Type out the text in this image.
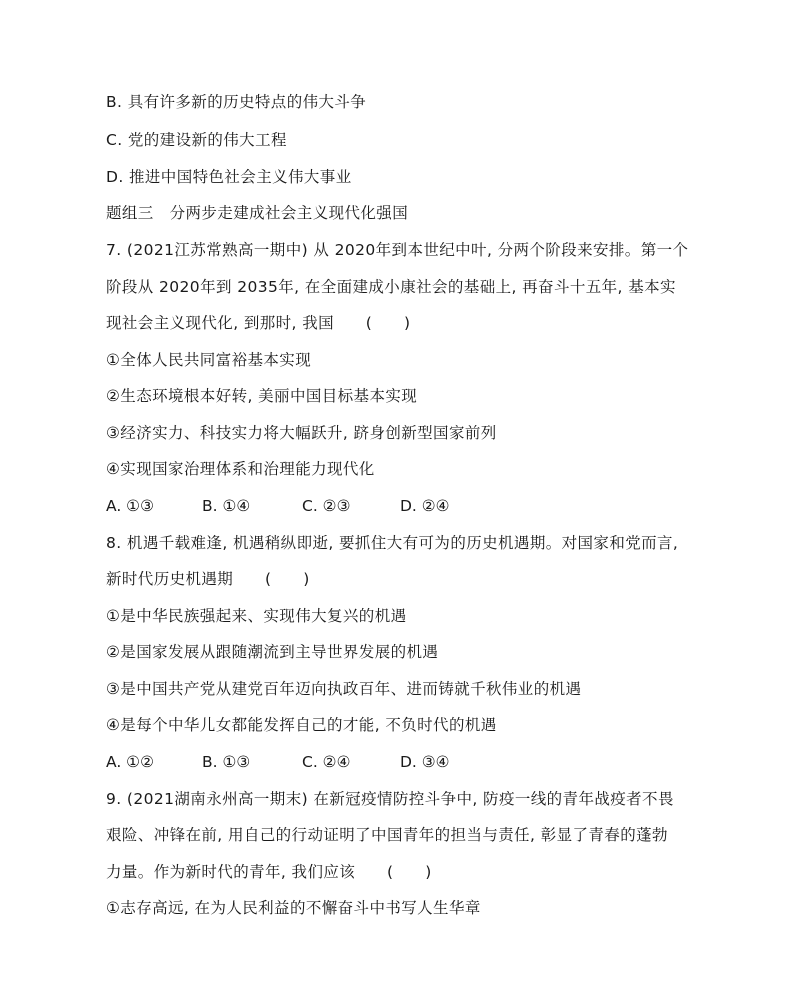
B. 具有许多新的历史特点的伟大斗争
C. 党的建设新的伟大工程
D. 推进中国特色社会主义伟大事业
题组三　分两步走建成社会主义现代化强国
7. (2021江苏常熟高一期中) 从 2020年到本世纪中叶, 分两个阶段来安排。第一个
阶段从 2020年到 2035年, 在全面建成小康社会的基础上, 再奋斗十五年, 基本实
现社会主义现代化, 到那时, 我国　　(　　)
①全体人民共同富裕基本实现
②生态环境根本好转, 美丽中国目标基本实现
③经济实力、科技实力将大幅跃升, 跻身创新型国家前列
④实现国家治理体系和治理能力现代化
A. ①③	B. ①④	C. ②③	D. ②④
8. 机遇千载难逢, 机遇稍纵即逝, 要抓住大有可为的历史机遇期。对国家和党而言,
新时代历史机遇期　　(　　)
①是中华民族强起来、实现伟大复兴的机遇
②是国家发展从跟随潮流到主导世界发展的机遇
③是中国共产党从建党百年迈向执政百年、进而铸就千秋伟业的机遇
④是每个中华儿女都能发挥自己的才能, 不负时代的机遇
A. ①②	B. ①③	C. ②④	D. ③④
9. (2021湖南永州高一期末) 在新冠疫情防控斗争中, 防疫一线的青年战疫者不畏
艰险、冲锋在前, 用自己的行动证明了中国青年的担当与责任, 彰显了青春的蓬勃
力量。作为新时代的青年, 我们应该　　(　　)
①志存高远, 在为人民利益的不懈奋斗中书写人生华章
